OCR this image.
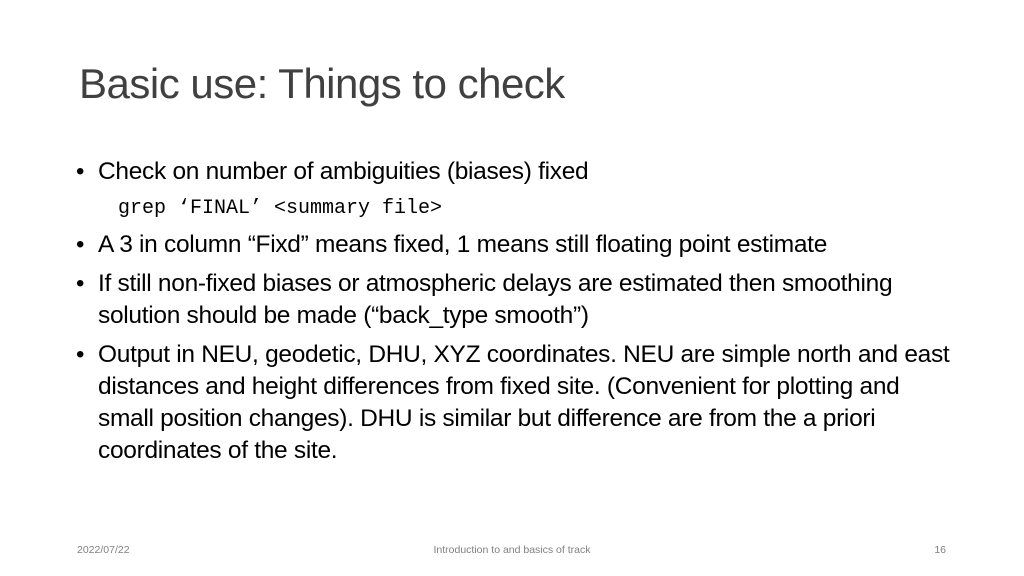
Basic use: Things to check
• Check on number of ambiguities (biases) fixed
grep ‘FINAL’ <summary file>
• A 3 in column “Fixd” means fixed, 1 means still floating point estimate
• If still non-fixed biases or atmospheric delays are estimated then smoothing solution should be made (“back_type smooth”)
• Output in NEU, geodetic, DHU, XYZ coordinates. NEU are simple north and east distances and height differences from fixed site. (Convenient for plotting and small position changes). DHU is similar but difference are from the a priori coordinates of the site.
2022/07/22	Introduction to and basics of track	16
